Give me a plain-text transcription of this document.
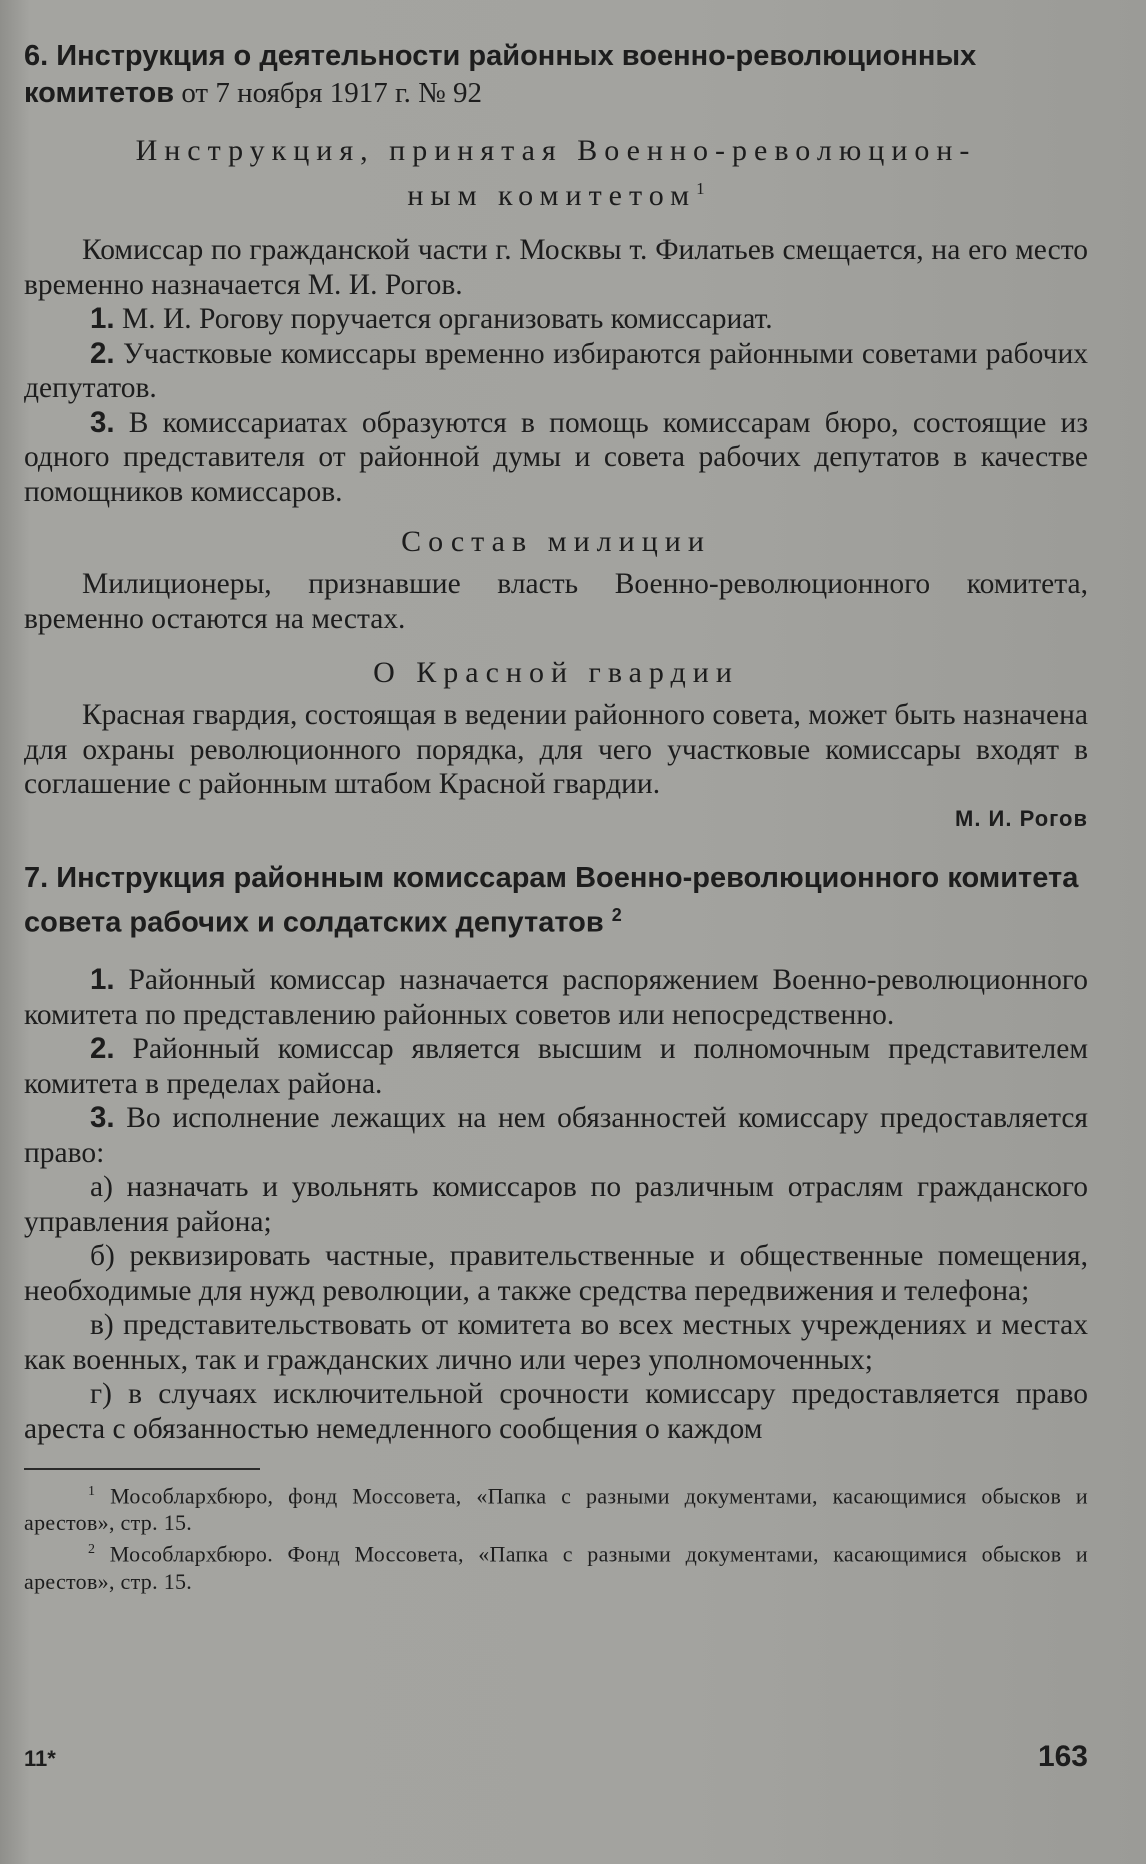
6. Инструкция о деятельности районных военно-революционных комитетов от 7 ноября 1917 г. № 92

Инструкция, принятая Военно-революцион-

ным комитетом$^1$

Комиссар по гражданской части г. Москвы т. Филатьев смещается, на его место временно назначается М. И. Рогов.

1. М. И. Рогову поручается организовать комиссариат.

2. Участковые комиссары временно избираются районными советами рабочих депутатов.

3. В комиссариатах образуются в помощь комиссарам бюро, состоящие из одного представителя от районной думы и совета рабочих депутатов в качестве помощников комиссаров.

Состав милиции

Милиционеры, признавшие власть Военно-революционного комитета, временно остаются на местах.

О Красной гвардии

Красная гвардия, состоящая в ведении районного совета, может быть назначена для охраны революционного порядка, для чего участковые комиссары входят в соглашение с районным штабом Красной гвардии.

М. И. Рогов

7. Инструкция районным комиссарам Военно-революционного комитета совета рабочих и солдатских депутатов $^2$

1. Районный комиссар назначается распоряжением Военно-революционного комитета по представлению районных советов или непосредственно.

2. Районный комиссар является высшим и полномочным представителем комитета в пределах района.

3. Во исполнение лежащих на нем обязанностей комиссару предоставляется право:

а) назначать и увольнять комиссаров по различным отраслям гражданского управления района;

б) реквизировать частные, правительственные и общественные помещения, необходимые для нужд революции, а также средства передвижения и телефона;

в) представительствовать от комитета во всех местных учреждениях и местах как военных, так и гражданских лично или через уполномоченных;

г) в случаях исключительной срочности комиссару предоставляется право ареста с обязанностью немедленного сообщения о каждом

$^1$ Мособлархбюро, фонд Моссовета, «Папка с разными документами, касающимися обысков и арестов», стр. 15.

$^2$ Мособлархбюро. Фонд Моссовета, «Папка с разными документами, касающимися обысков и арестов», стр. 15.

11*	163
